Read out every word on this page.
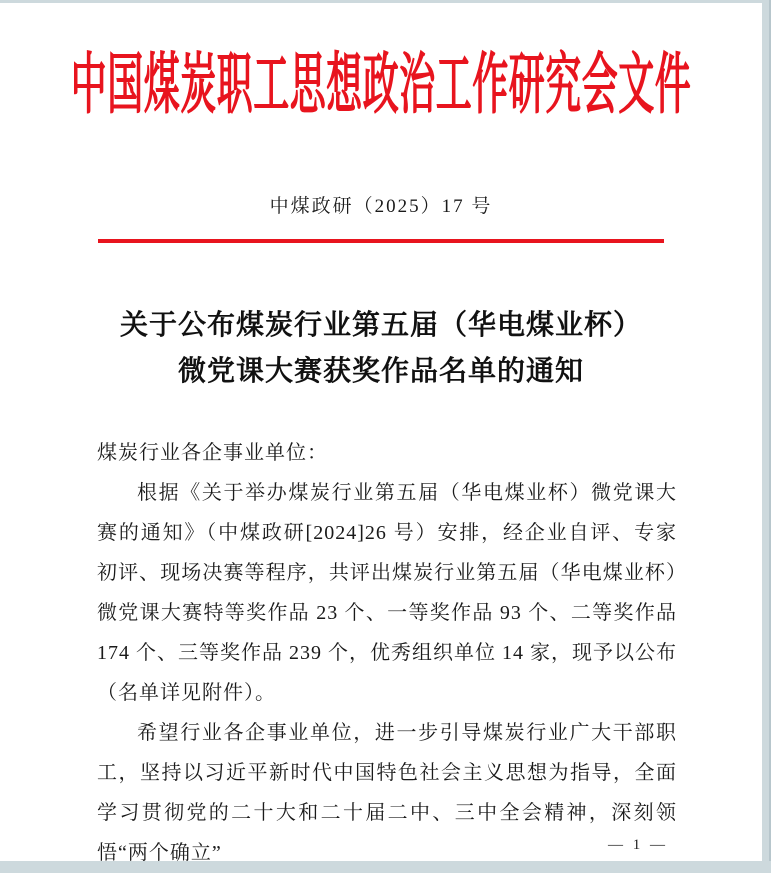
中国煤炭职工思想政治工作研究会文件
中煤政研（2025）17 号
关于公布煤炭行业第五届（华电煤业杯）
微党课大赛获奖作品名单的通知

煤炭行业各企事业单位：

根据《关于举办煤炭行业第五届（华电煤业杯）微党课大赛的通知》（中煤政研[2024]26 号）安排，经企业自评、专家初评、现场决赛等程序，共评出煤炭行业第五届（华电煤业杯）微党课大赛特等奖作品 23 个、一等奖作品 93 个、二等奖作品 174 个、三等奖作品 239 个，优秀组织单位 14 家，现予以公布（名单详见附件）。

希望行业各企事业单位，进一步引导煤炭行业广大干部职工，坚持以习近平新时代中国特色社会主义思想为指导，全面学习贯彻党的二十大和二十届二中、三中全会精神，深刻领悟“两个确立”	— 1 —
